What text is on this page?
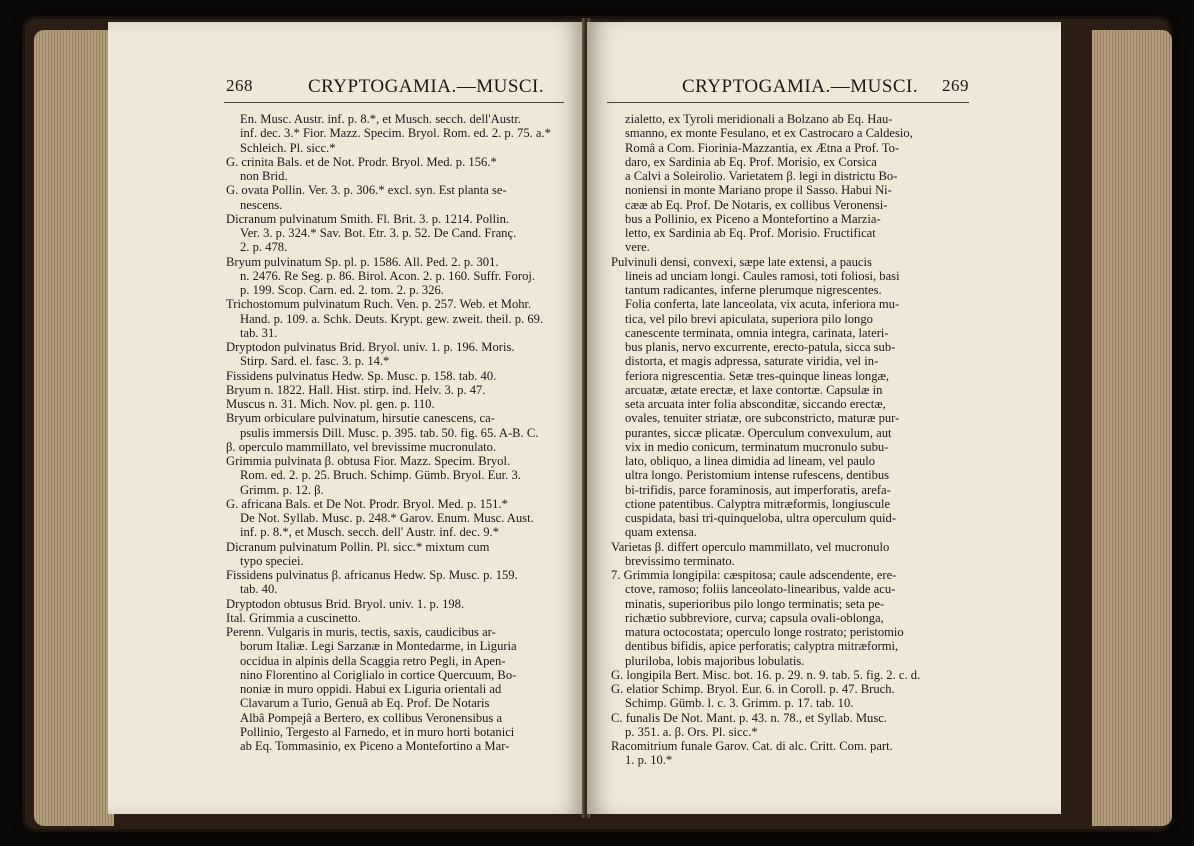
268	CRYPTOGAMIA.—MUSCI.
En. Musc. Austr. inf. p. 8.*, et Musch. secch. dell'Austr.
inf. dec. 3.* Fior. Mazz. Specim. Bryol. Rom. ed. 2. p. 75. a.*
Schleich. Pl. sicc.*
G. crinita Bals. et de Not. Prodr. Bryol. Med. p. 156.*
non Brid.
G. ovata Pollin. Ver. 3. p. 306.* excl. syn. Est planta se-
nescens.
Dicranum pulvinatum Smith. Fl. Brit. 3. p. 1214. Pollin.
Ver. 3. p. 324.* Sav. Bot. Etr. 3. p. 52. De Cand. Franç.
2. p. 478.
Bryum pulvinatum Sp. pl. p. 1586. All. Ped. 2. p. 301.
n. 2476. Re Seg. p. 86. Birol. Acon. 2. p. 160. Suffr. Foroj.
p. 199. Scop. Carn. ed. 2. tom. 2. p. 326.
Trichostomum pulvinatum Ruch. Ven. p. 257. Web. et Mohr.
Hand. p. 109. a. Schk. Deuts. Krypt. gew. zweit. theil. p. 69.
tab. 31.
Dryptodon pulvinatus Brid. Bryol. univ. 1. p. 196. Moris.
Stirp. Sard. el. fasc. 3. p. 14.*
Fissidens pulvinatus Hedw. Sp. Musc. p. 158. tab. 40.
Bryum n. 1822. Hall. Hist. stirp. ind. Helv. 3. p. 47.
Muscus n. 31. Mich. Nov. pl. gen. p. 110.
Bryum orbiculare pulvinatum, hirsutie canescens, ca-
psulis immersis Dill. Musc. p. 395. tab. 50. fig. 65. A-B. C.
β. operculo mammillato, vel brevissime mucronulato.
Grimmia pulvinata β. obtusa Fior. Mazz. Specim. Bryol.
Rom. ed. 2. p. 25. Bruch. Schimp. Gümb. Bryol. Eur. 3.
Grimm. p. 12. β.
G. africana Bals. et De Not. Prodr. Bryol. Med. p. 151.*
De Not. Syllab. Musc. p. 248.* Garov. Enum. Musc. Aust.
inf. p. 8.*, et Musch. secch. dell' Austr. inf. dec. 9.*
Dicranum pulvinatum Pollin. Pl. sicc.* mixtum cum
typo speciei.
Fissidens pulvinatus β. africanus Hedw. Sp. Musc. p. 159.
tab. 40.
Dryptodon obtusus Brid. Bryol. univ. 1. p. 198.
Ital. Grimmia a cuscinetto.
Perenn. Vulgaris in muris, tectis, saxis, caudicibus ar-
borum Italiæ. Legi Sarzanæ in Montedarme, in Liguria
occidua in alpinis della Scaggia retro Pegli, in Apen-
nino Florentino al Coriglialo in cortice Quercuum, Bo-
noniæ in muro oppidi. Habui ex Liguria orientali ad
Clavarum a Turio, Genuâ ab Eq. Prof. De Notaris
Albâ Pompejâ a Bertero, ex collibus Veronensibus a
Pollinio, Tergesto al Farnedo, et in muro horti botanici
ab Eq. Tommasinio, ex Piceno a Montefortino a Mar-
CRYPTOGAMIA.—MUSCI. 269
zialetto, ex Tyroli meridionali a Bolzano ab Eq. Hau-
smanno, ex monte Fesulano, et ex Castrocaro a Caldesio,
Româ a Com. Fiorinia-Mazzantia, ex Ætna a Prof. To-
daro, ex Sardinia ab Eq. Prof. Morisio, ex Corsica
a Calvi a Soleirolio. Varietatem β. legi in districtu Bo-
noniensi in monte Mariano prope il Sasso. Habui Ni-
cææ ab Eq. Prof. De Notaris, ex collibus Veronensi-
bus a Pollinio, ex Piceno a Montefortino a Marzia-
letto, ex Sardinia ab Eq. Prof. Morisio. Fructificat
vere.
Pulvinuli densi, convexi, sæpe late extensi, a paucis
lineis ad unciam longi. Caules ramosi, toti foliosi, basi
tantum radicantes, inferne plerumque nigrescentes.
Folia conferta, late lanceolata, vix acuta, inferiora mu-
tica, vel pilo brevi apiculata, superiora pilo longo
canescente terminata, omnia integra, carinata, lateri-
bus planis, nervo excurrente, erecto-patula, sicca sub-
distorta, et magis adpressa, saturate viridia, vel in-
feriora nigrescentia. Setæ tres-quinque lineas longæ,
arcuatæ, ætate erectæ, et laxe contortæ. Capsulæ in
seta arcuata inter folia absconditæ, siccando erectæ,
ovales, tenuiter striatæ, ore subconstricto, maturæ pur-
purantes, siccæ plicatæ. Operculum convexulum, aut
vix in medio conicum, terminatum mucronulo subu-
lato, obliquo, a linea dimidia ad lineam, vel paulo
ultra longo. Peristomium intense rufescens, dentibus
bi-trifidis, parce foraminosis, aut imperforatis, arefa-
ctione patentibus. Calyptra mitræformis, longiuscule
cuspidata, basi tri-quinqueloba, ultra operculum quid-
quam extensa.
Varietas β. differt operculo mammillato, vel mucronulo
brevissimo terminato.
7. Grimmia longipila: cæspitosa; caule adscendente, ere-
ctove, ramoso; foliis lanceolato-linearibus, valde acu-
minatis, superioribus pilo longo terminatis; seta pe-
richætio subbreviore, curva; capsula ovali-oblonga,
matura octocostata; operculo longe rostrato; peristomio
dentibus bifidis, apice perforatis; calyptra mitræformi,
pluriloba, lobis majoribus lobulatis.
G. longipila Bert. Misc. bot. 16. p. 29. n. 9. tab. 5. fig. 2. c. d.
G. elatior Schimp. Bryol. Eur. 6. in Coroll. p. 47. Bruch.
Schimp. Gümb. l. c. 3. Grimm. p. 17. tab. 10.
C. funalis De Not. Mant. p. 43. n. 78., et Syllab. Musc.
p. 351. a. β. Ors. Pl. sicc.*
Racomitrium funale Garov. Cat. di alc. Critt. Com. part.
1. p. 10.*
